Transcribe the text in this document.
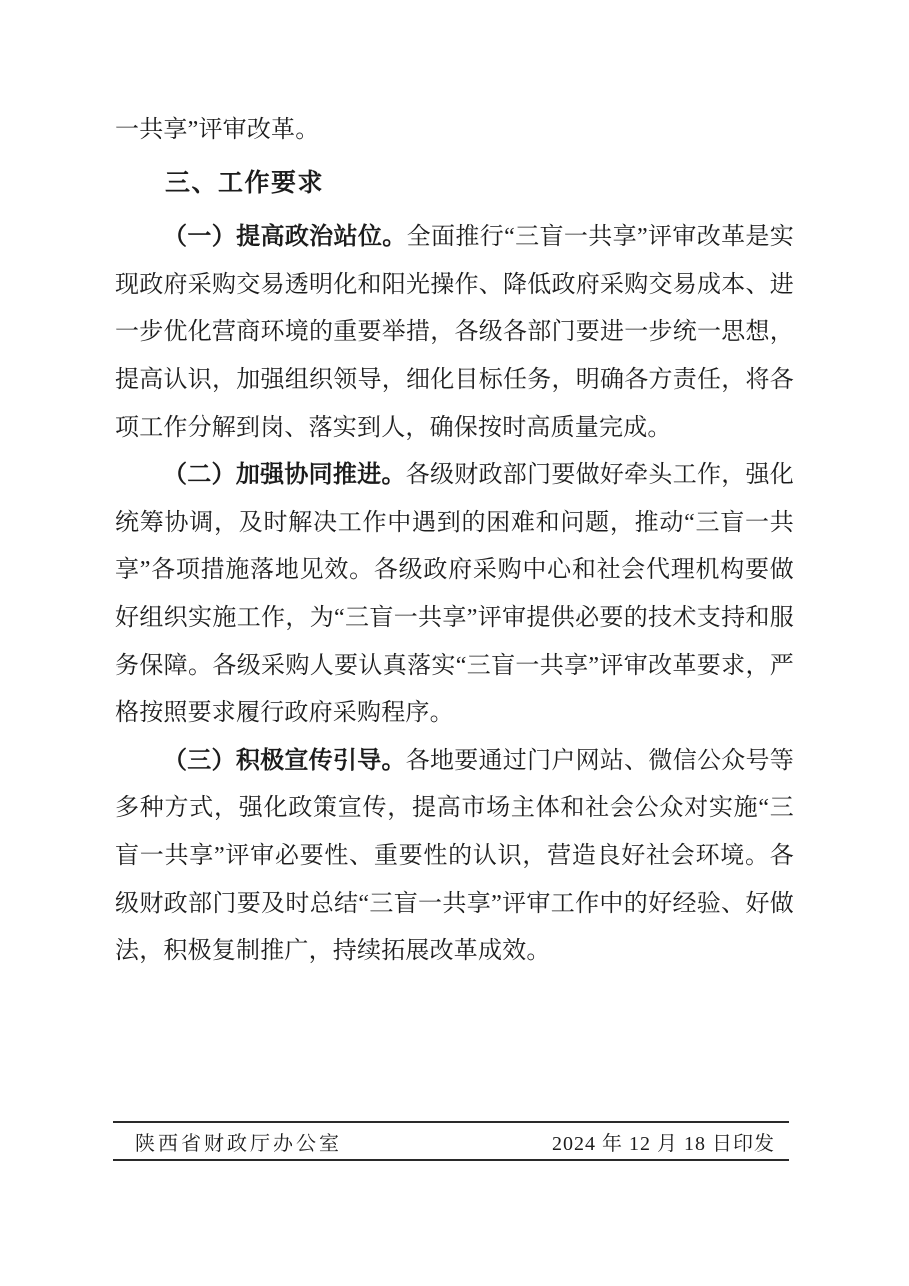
一共享”评审改革。

三、工作要求

（一）提高政治站位。全面推行“三盲一共享”评审改革是实现政府采购交易透明化和阳光操作、降低政府采购交易成本、进一步优化营商环境的重要举措，各级各部门要进一步统一思想，提高认识，加强组织领导，细化目标任务，明确各方责任，将各项工作分解到岗、落实到人，确保按时高质量完成。

（二）加强协同推进。各级财政部门要做好牵头工作，强化统筹协调，及时解决工作中遇到的困难和问题，推动“三盲一共享”各项措施落地见效。各级政府采购中心和社会代理机构要做好组织实施工作，为“三盲一共享”评审提供必要的技术支持和服务保障。各级采购人要认真落实“三盲一共享”评审改革要求，严格按照要求履行政府采购程序。

（三）积极宣传引导。各地要通过门户网站、微信公众号等多种方式，强化政策宣传，提高市场主体和社会公众对实施“三盲一共享”评审必要性、重要性的认识，营造良好社会环境。各级财政部门要及时总结“三盲一共享”评审工作中的好经验、好做法，积极复制推广，持续拓展改革成效。

陕西省财政厅办公室	2024 年 12 月 18 日印发
